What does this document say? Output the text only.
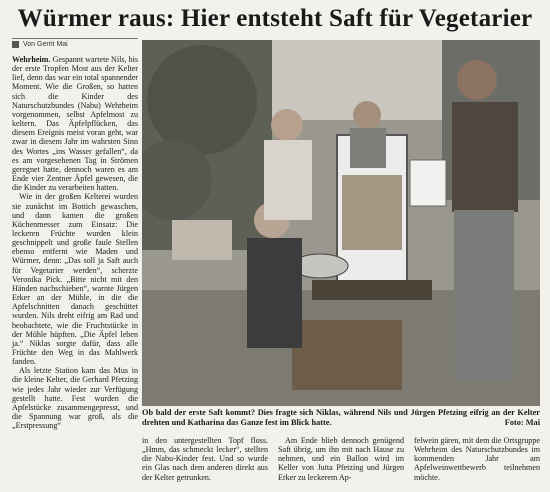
Würmer raus: Hier entsteht Saft für Vegetarier
Von Gerrit Mai

Wehrheim. Gespannt wartete Nils, bis der erste Tropfen Most aus der Kelter lief, denn das war ein total spannender Moment. Wie die Großen, so hatten sich die Kinder des Naturschutzbundes (Nabu) Wehrheim vorgenommen, selbst Apfelmost zu keltern. Das Äpfelpflücken, das diesem Ereignis meist voran geht, war zwar in diesem Jahr im wahrsten Sinn des Wortes „ins Wasser gefallen“, da es am vorgesehenen Tag in Strömen geregnet hatte, dennoch waren es am Ende vier Zentner Äpfel gewesen, die die Kinder zu verarbeiten hatten.

Wie in der großen Kelterei wurden sie zunächst im Bottich gewaschen, und dann kamen die großen Küchenmesser zum Einsatz: Die leckeren Früchte wurden klein geschnippelt und große faule Stellen ebenso entfernt wie Maden und Würmer, denn: „Das soll ja Saft auch für Vegetarier werden“, scherzte Veronika Pick. „Bitte nicht mit den Händen nachschieben“, warnte Jürgen Erker an der Mühle, in die die Apfelschnitten danach geschüttet wurden. Nils dreht eifrig am Rad und beobachtete, wie die Fruchtstücke in der Mühle hüpften. „Die Äpfel leben ja.“ Niklas sorgte dafür, dass alle Früchte den Weg in das Mahlwerk fanden.

Als letzte Station kam das Mus in die kleine Kelter, die Gerhard Pfetzing wie jedes Jahr wieder zur Verfügung gestellt hatte. Fest wurden die Apfelstücke zusammengepresst, und die Spannung war groß, als die „Erstpressung“

Ob bald der erste Saft kommt? Dies fragte sich Niklas, während Nils und Jürgen Pfetzing eifrig an der Kelter drehten und Katharina das Ganze fest im Blick hatte.	Foto: Mai

in den untergestellten Topf floss. „Hmm, das schmeckt lecker“, stellten die Nabu-Kinder fest. Und so wurde ein Glas nach dem anderen direkt aus der Kelter getrunken.

Am Ende blieb dennoch genügend Saft übrig, um ihn mit nach Hause zu nehmen, und ein Ballon wird im Keller von Jutta Pfetzing und Jürgen Erker zu leckerem Ap-

felwein gären, mit dem die Ortsgruppe Wehrheim des Naturschutzbundes im kommenden Jahr am Apfelweinwettbewerb teilnehmen möchte.
